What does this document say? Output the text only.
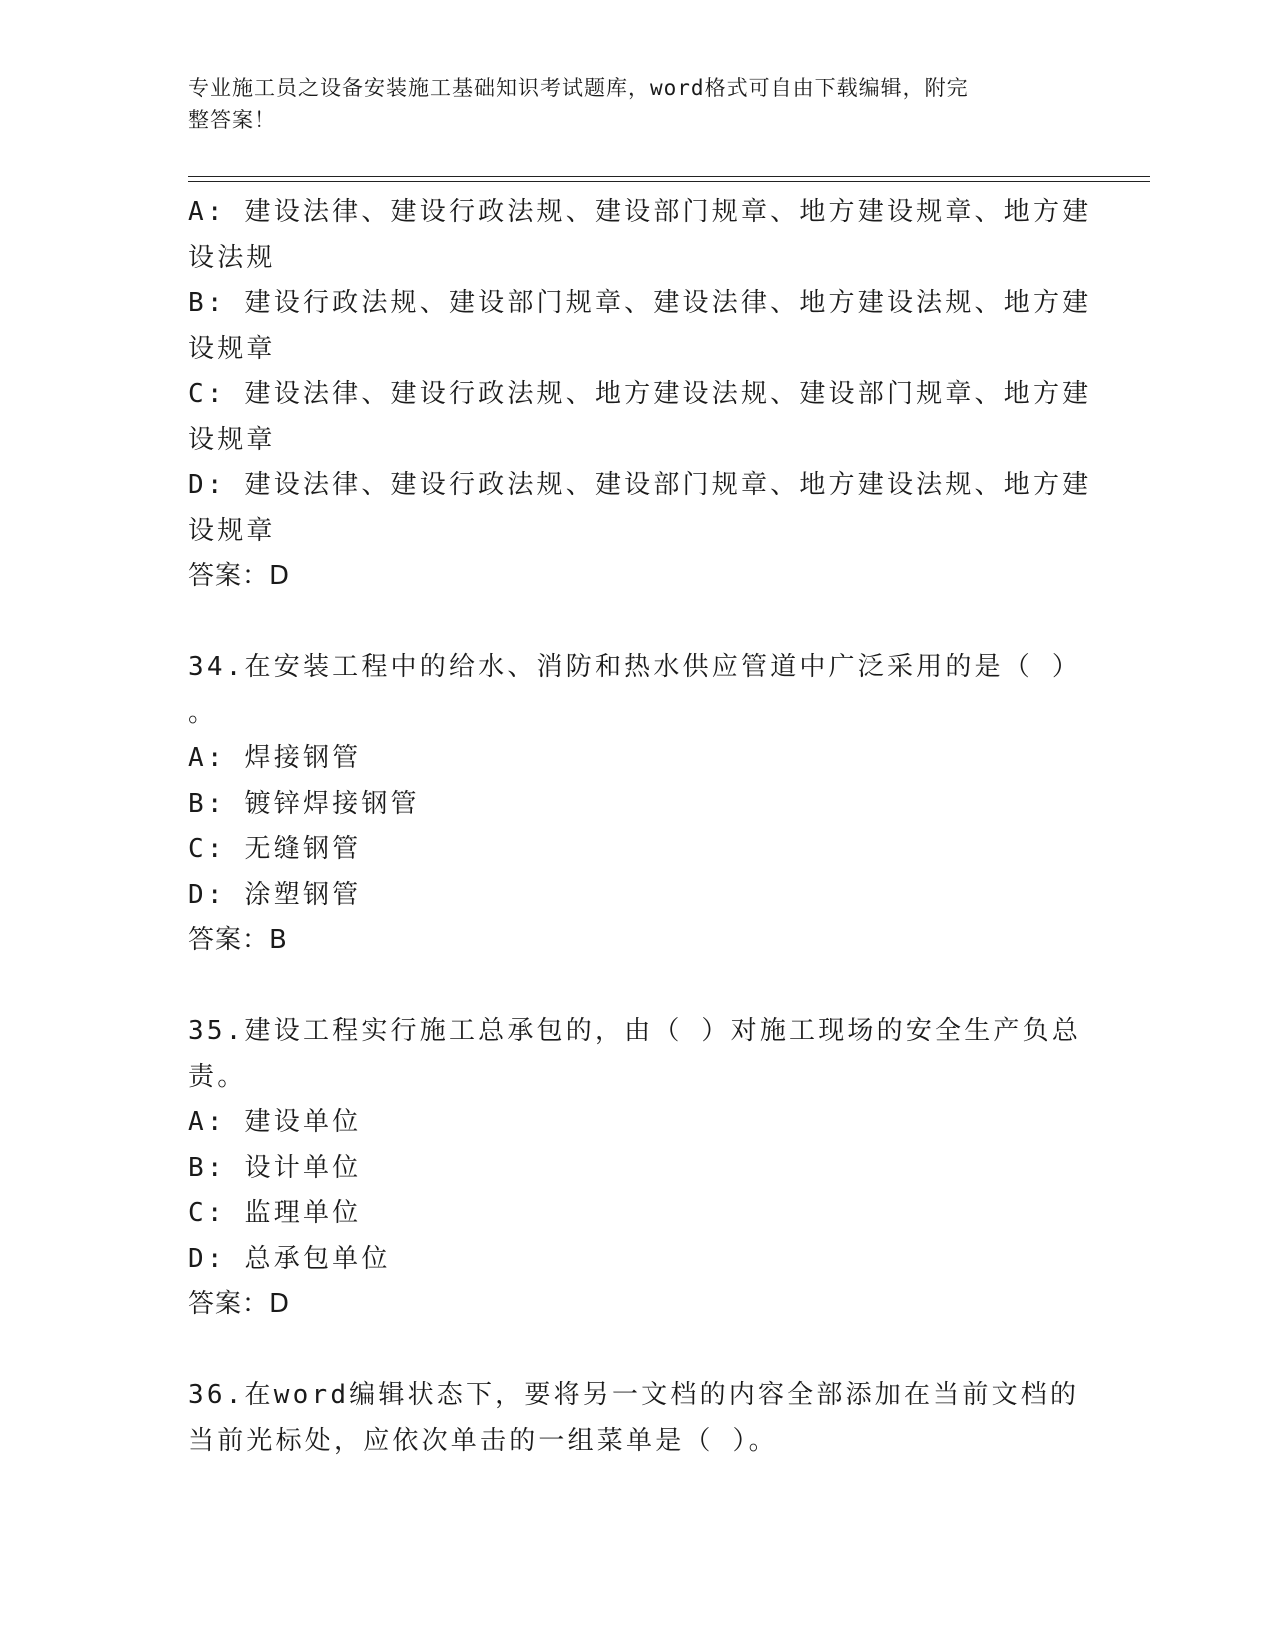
专业施工员之设备安装施工基础知识考试题库，word格式可自由下载编辑，附完
整答案！
A: 建设法律、建设行政法规、建设部门规章、地方建设规章、地方建
设法规
B: 建设行政法规、建设部门规章、建设法律、地方建设法规、地方建
设规章
C: 建设法律、建设行政法规、地方建设法规、建设部门规章、地方建
设规章
D: 建设法律、建设行政法规、建设部门规章、地方建设法规、地方建
设规章
答案：D
34.在安装工程中的给水、消防和热水供应管道中广泛采用的是（ ）
。
A: 焊接钢管
B: 镀锌焊接钢管
C: 无缝钢管
D: 涂塑钢管
答案：B
35.建设工程实行施工总承包的，由（ ）对施工现场的安全生产负总
责。
A: 建设单位
B: 设计单位
C: 监理单位
D: 总承包单位
答案：D
36.在word编辑状态下，要将另一文档的内容全部添加在当前文档的
当前光标处，应依次单击的一组菜单是（ ）。
